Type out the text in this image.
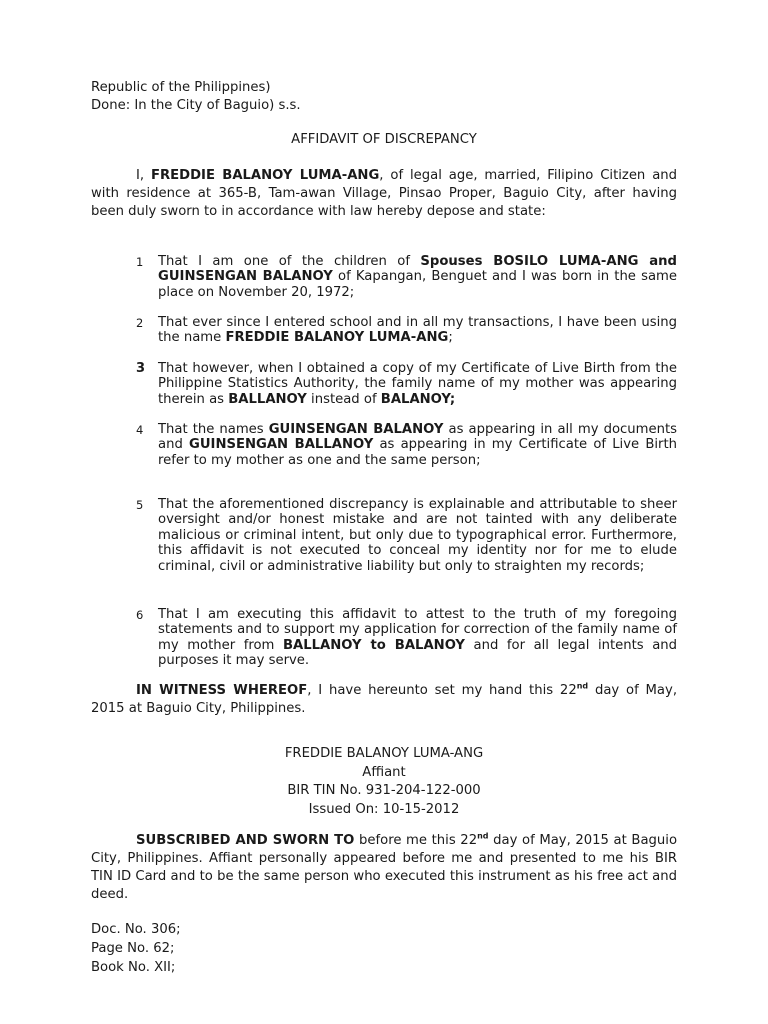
Republic of the Philippines)
Done: In the City of Baguio) s.s.
AFFIDAVIT OF DISCREPANCY
I, FREDDIE BALANOY LUMA-ANG, of legal age, married, Filipino Citizen and with residence at 365-B, Tam-awan Village, Pinsao Proper, Baguio City, after having been duly sworn to in accordance with law hereby depose and state:
1	That I am one of the children of Spouses BOSILO LUMA-ANG and GUINSENGAN BALANOY of Kapangan, Benguet and I was born in the same place on November 20, 1972;
2	That ever since I entered school and in all my transactions, I have been using the name FREDDIE BALANOY LUMA-ANG;
3 That however, when I obtained a copy of my Certificate of Live Birth from the Philippine Statistics Authority, the family name of my mother was appearing therein as BALLANOY instead of BALANOY;
4	That the names GUINSENGAN BALANOY as appearing in all my documents and GUINSENGAN BALLANOY as appearing in my Certificate of Live Birth refer to my mother as one and the same person;
5	That the aforementioned discrepancy is explainable and attributable to sheer oversight and/or honest mistake and are not tainted with any deliberate malicious or criminal intent, but only due to typographical error. Furthermore, this affidavit is not executed to conceal my identity nor for me to elude criminal, civil or administrative liability but only to straighten my records;
6	That I am executing this affidavit to attest to the truth of my foregoing statements and to support my application for correction of the family name of my mother from BALLANOY to BALANOY and for all legal intents and purposes it may serve.
IN WITNESS WHEREOF, I have hereunto set my hand this 22nd day of May, 2015 at Baguio City, Philippines.
FREDDIE BALANOY LUMA-ANG
Affiant
BIR TIN No. 931-204-122-000
Issued On: 10-15-2012
SUBSCRIBED AND SWORN TO before me this 22nd day of May, 2015 at Baguio City, Philippines. Affiant personally appeared before me and presented to me his BIR TIN ID Card and to be the same person who executed this instrument as his free act and deed.
Doc. No. 306;
Page No. 62;
Book No. XII;
